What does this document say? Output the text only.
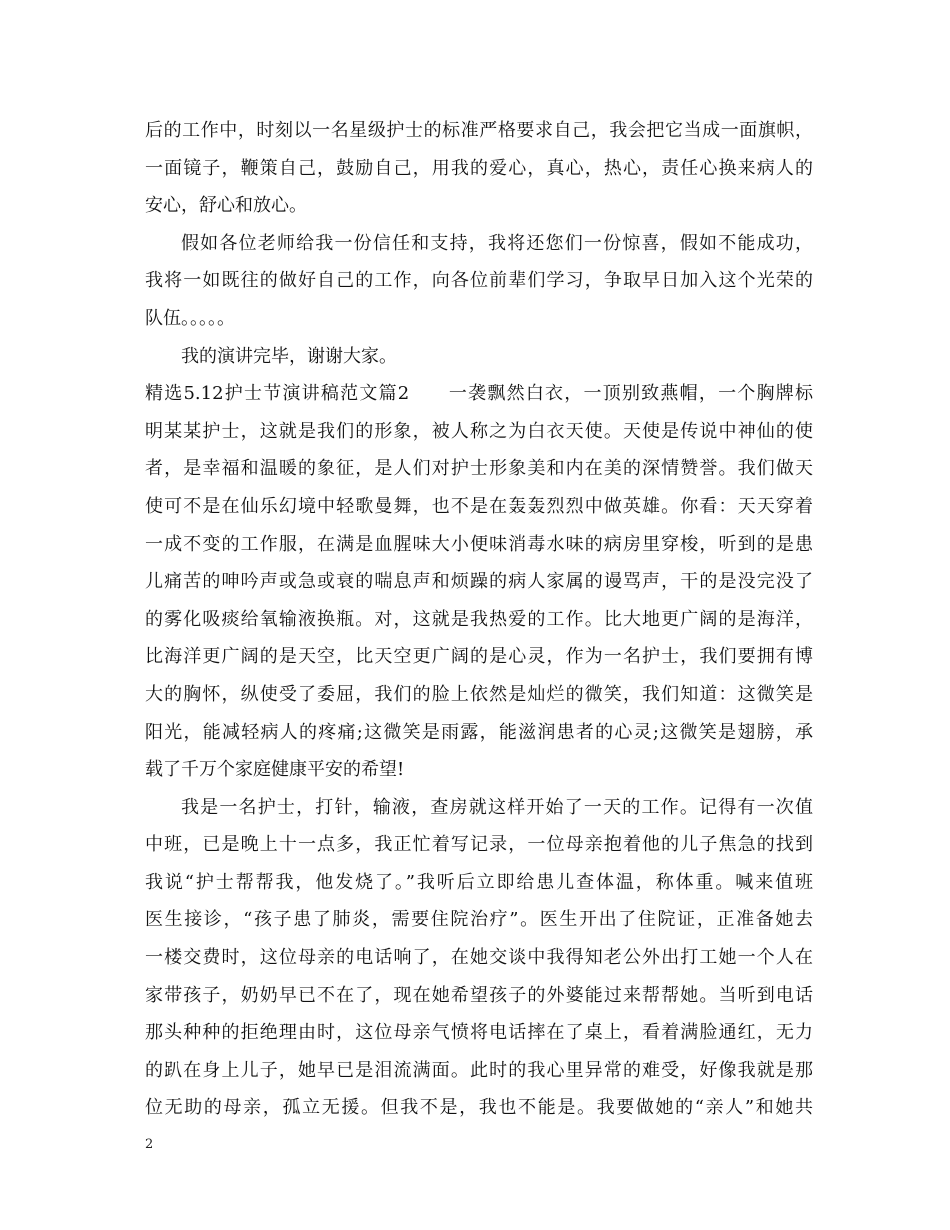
后的工作中，时刻以一名星级护士的标准严格要求自己，我会把它当成一面旗帜，
一面镜子，鞭策自己，鼓励自己，用我的爱心，真心，热心，责任心换来病人的
安心，舒心和放心。
假如各位老师给我一份信任和支持，我将还您们一份惊喜，假如不能成功，
我将一如既往的做好自己的工作，向各位前辈们学习，争取早日加入这个光荣的
队伍。。。。。
我的演讲完毕，谢谢大家。
精选5.12护士节演讲稿范文篇2　　一袭飘然白衣，一顶别致燕帽，一个胸牌标
明某某护士，这就是我们的形象，被人称之为白衣天使。天使是传说中神仙的使
者，是幸福和温暖的象征，是人们对护士形象美和内在美的深情赞誉。我们做天
使可不是在仙乐幻境中轻歌曼舞，也不是在轰轰烈烈中做英雄。你看：天天穿着
一成不变的工作服，在满是血腥味大小便味消毒水味的病房里穿梭，听到的是患
儿痛苦的呻吟声或急或衰的喘息声和烦躁的病人家属的谩骂声，干的是没完没了
的雾化吸痰给氧输液换瓶。对，这就是我热爱的工作。比大地更广阔的是海洋，
比海洋更广阔的是天空，比天空更广阔的是心灵，作为一名护士，我们要拥有博
大的胸怀，纵使受了委屈，我们的脸上依然是灿烂的微笑，我们知道：这微笑是
阳光，能减轻病人的疼痛;这微笑是雨露，能滋润患者的心灵;这微笑是翅膀，承
载了千万个家庭健康平安的希望!
我是一名护士，打针，输液，查房就这样开始了一天的工作。记得有一次值
中班，已是晚上十一点多，我正忙着写记录，一位母亲抱着他的儿子焦急的找到
我说“护士帮帮我，他发烧了。”我听后立即给患儿查体温，称体重。喊来值班
医生接诊，“孩子患了肺炎，需要住院治疗”。医生开出了住院证，正准备她去
一楼交费时，这位母亲的电话响了，在她交谈中我得知老公外出打工她一个人在
家带孩子，奶奶早已不在了，现在她希望孩子的外婆能过来帮帮她。当听到电话
那头种种的拒绝理由时，这位母亲气愤将电话摔在了桌上，看着满脸通红，无力
的趴在身上儿子，她早已是泪流满面。此时的我心里异常的难受，好像我就是那
位无助的母亲，孤立无援。但我不是，我也不能是。我要做她的“亲人”和她共
2
